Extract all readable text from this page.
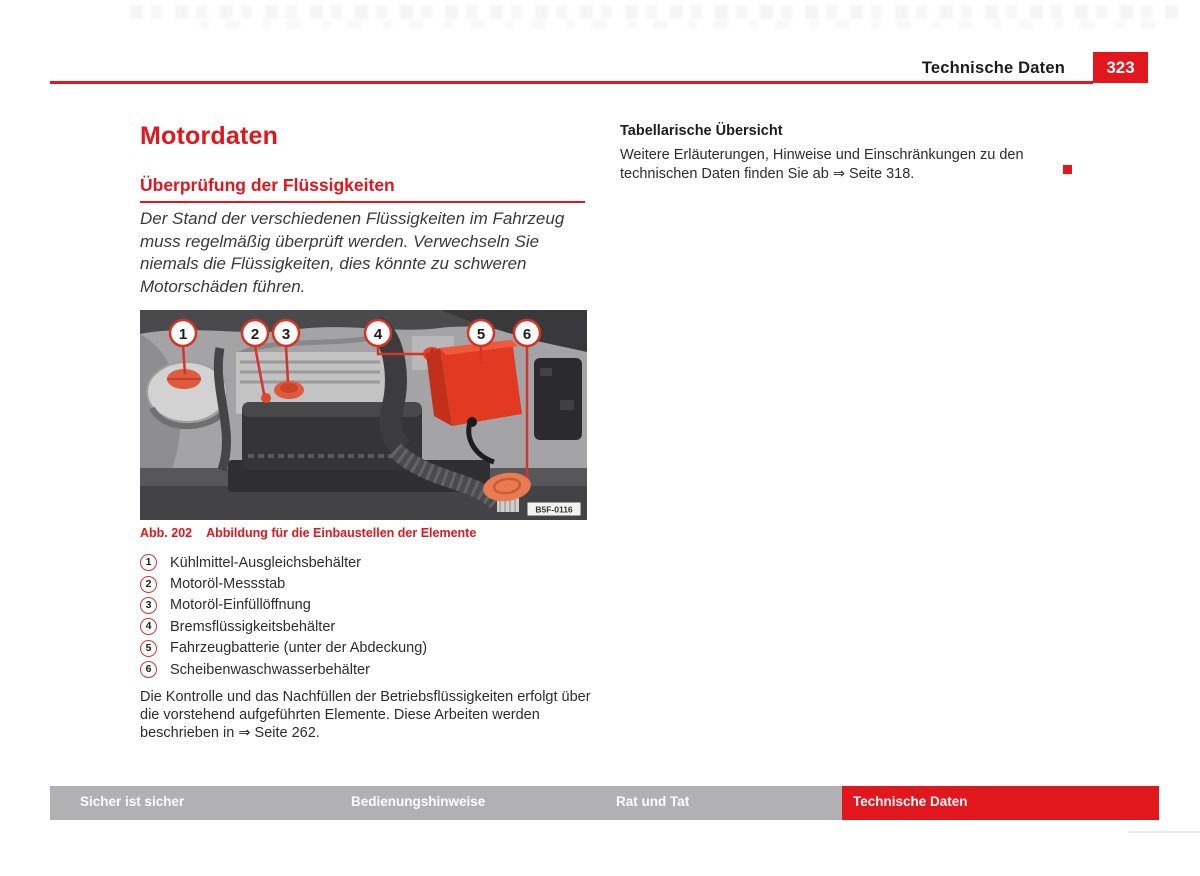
Technische Daten	323
Motordaten
Überprüfung der Flüssigkeiten

Der Stand der verschiedenen Flüssigkeiten im Fahrzeug muss regelmäßig überprüft werden. Verwechseln Sie niemals die Flüssigkeiten, dies könnte zu schweren Motorschäden führen.

1	2 3	4	5	6
B5F-0116
Abb. 202 Abbildung für die Einbaustellen der Elemente
1	Kühlmittel-Ausgleichsbehälter
2	Motoröl-Messstab
3	Motoröl-Einfüllöffnung
4	Bremsflüssigkeitsbehälter
5	Fahrzeugbatterie (unter der Abdeckung)
6	Scheibenwaschwasserbehälter

Die Kontrolle und das Nachfüllen der Betriebsflüssigkeiten erfolgt über die vorstehend aufgeführten Elemente. Diese Arbeiten werden beschrieben in ⇒ Seite 262.

Tabellarische Übersicht

Weitere Erläuterungen, Hinweise und Einschränkungen zu den technischen Daten finden Sie ab ⇒ Seite 318.

Sicher ist sicher	Bedienungshinweise	Rat und Tat	Technische Daten
